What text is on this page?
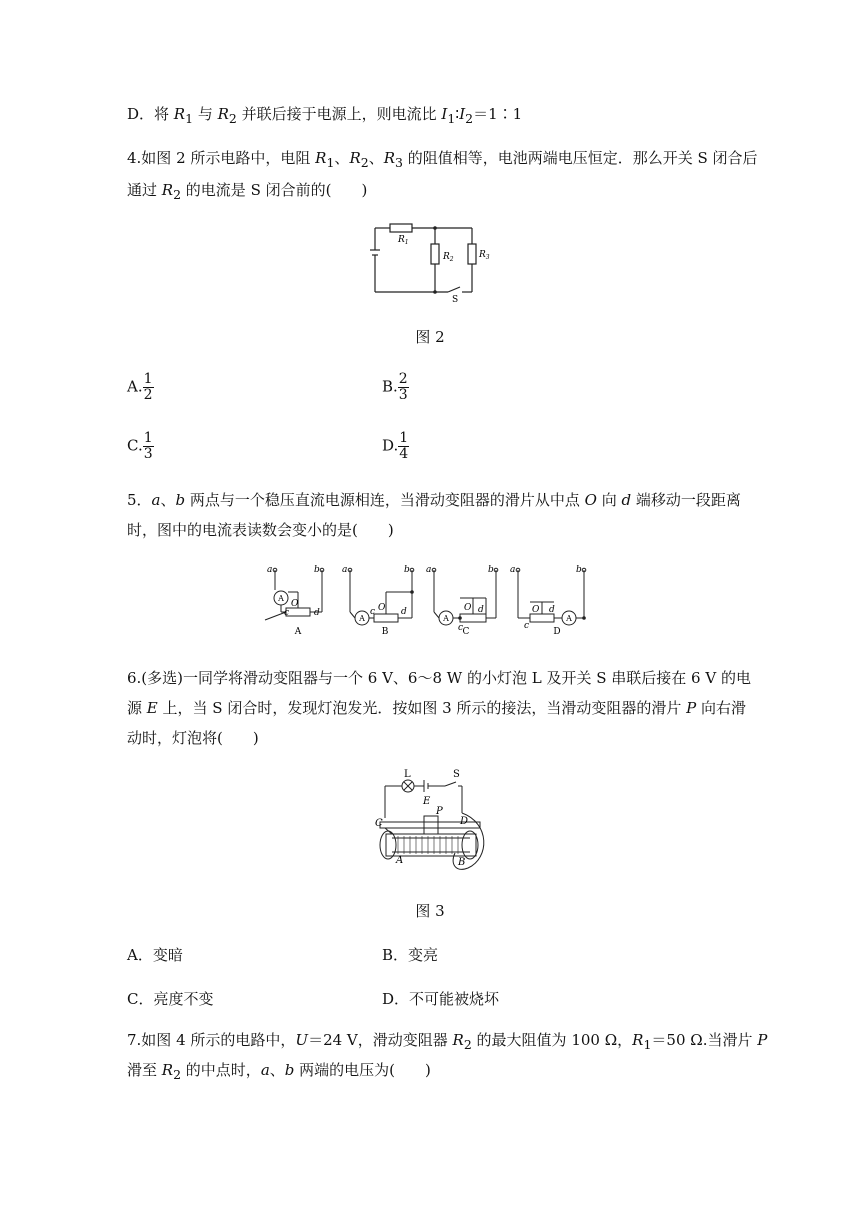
D．将 $R_1$ 与 $R_2$ 并联后接于电源上，则电流比 $I_1∶I_2=1∶1$
4.如图 2 所示电路中，电阻 $R_1$、$R_2$、$R_3$ 的阻值相等，电池两端电压恒定．那么开关 S 闭合后
通过 $R_2$ 的电流是 S 闭合前的(　　)
$R_1$
$R_2$	$R_3$
S
图 2
A. $\frac{1}{2}$	B. $\frac{2}{3}$
C. $\frac{1}{3}$	D. $\frac{1}{4}$
5．a、b 两点与一个稳压直流电源相连，当滑动变阻器的滑片从中点 O 向 d 端移动一段距离
时，图中的电流表读数会变小的是(　　)
a	b
c	d
O
a	b
c	d
O
a	b
c
d
O
a	b
c
d
O
A
A	A	A
A	B	C	D
6.(多选)一同学将滑动变阻器与一个 6 V、6～8 W 的小灯泡 L 及开关 S 串联后接在 6 V 的电
源 E 上，当 S 闭合时，发现灯泡发光．按如图 3 所示的接法，当滑动变阻器的滑片 P 向右滑
动时，灯泡将(　　)
L	S
E
P
C	D
A	B
图 3
A．变暗	B．变亮
C．亮度不变	D．不可能被烧坏
7.如图 4 所示的电路中，U＝24 V，滑动变阻器 $R_2$ 的最大阻值为 100 Ω，$R_1=50$ Ω.当滑片 P
滑至 $R_2$ 的中点时，a、b 两端的电压为(　　)
